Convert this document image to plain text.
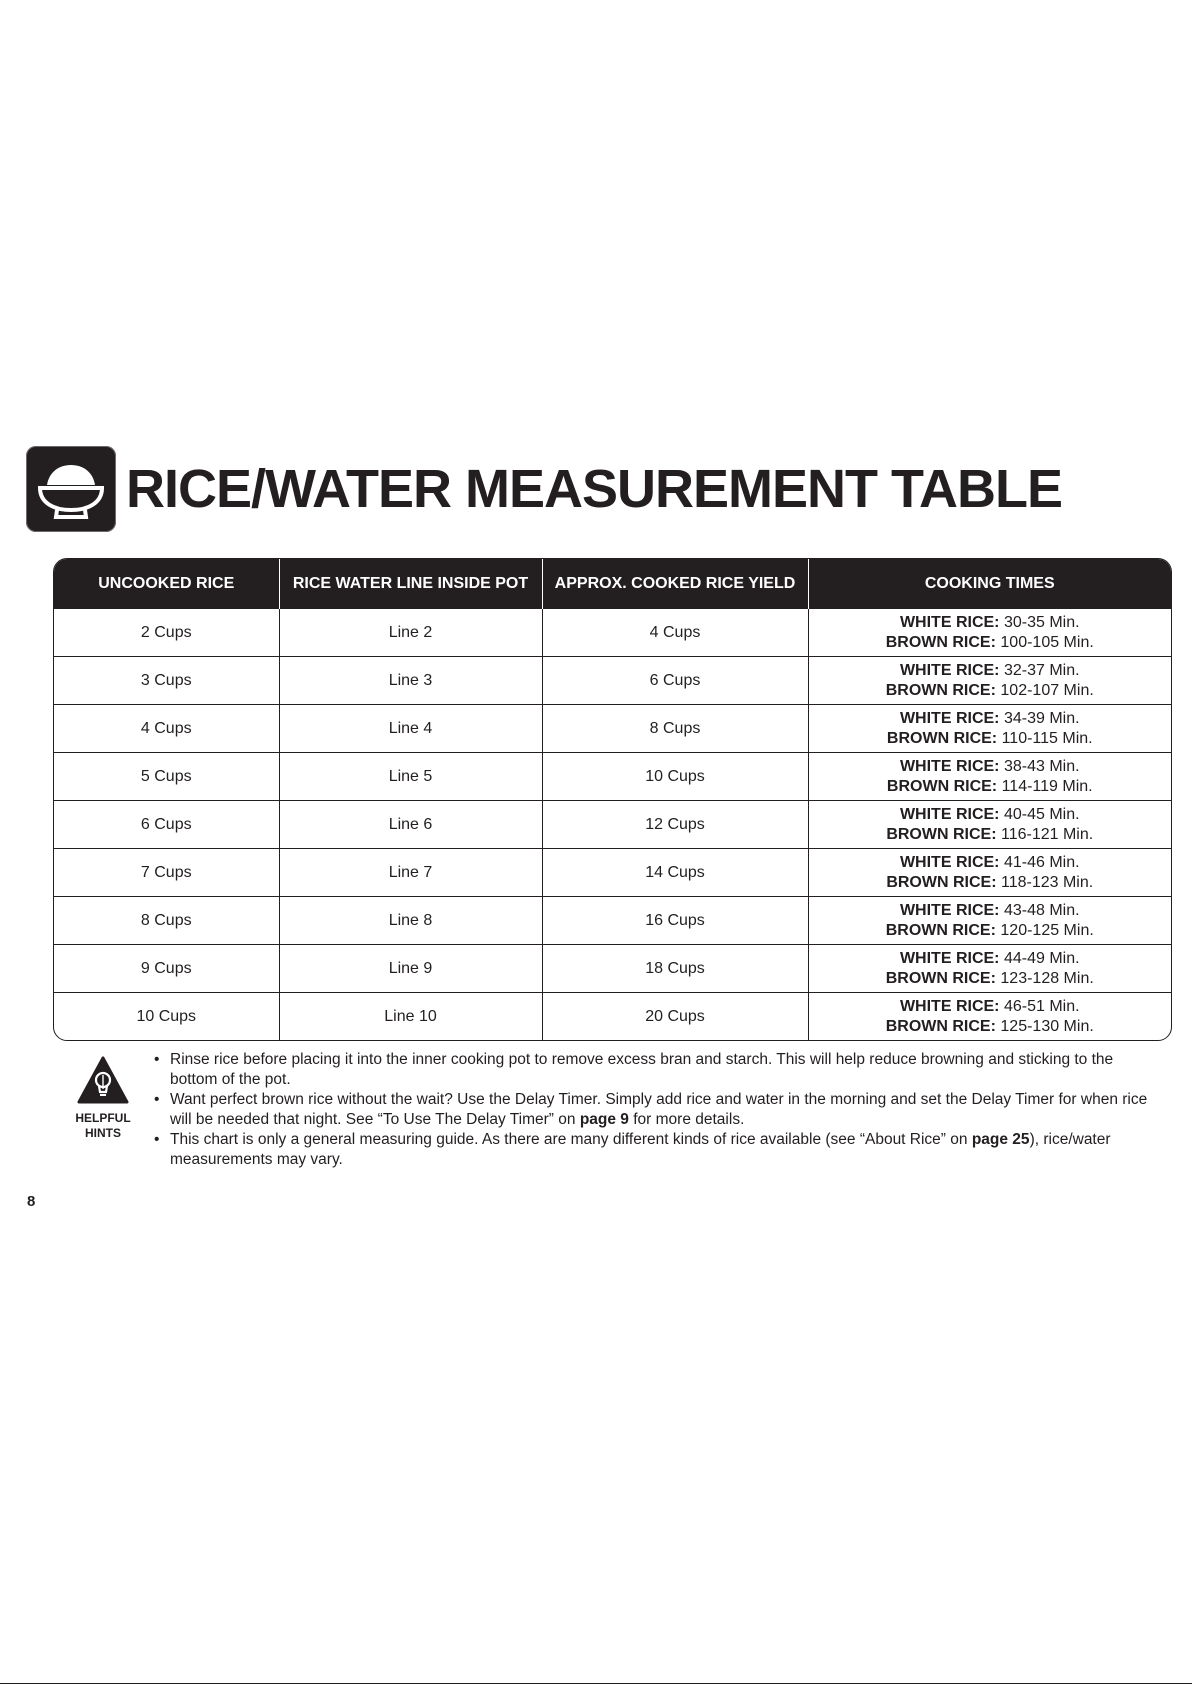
RICE/WATER MEASUREMENT TABLE
UNCOOKED RICE	RICE WATER LINE INSIDE POT	APPROX. COOKED RICE YIELD	COOKING TIMES
2 Cups	Line 2	4 Cups	WHITE RICE: 30-35 Min.
BROWN RICE: 100-105 Min.

3 Cups	Line 3	6 Cups	WHITE RICE: 32-37 Min.
BROWN RICE: 102-107 Min.

4 Cups	Line 4	8 Cups	WHITE RICE: 34-39 Min.
BROWN RICE: 110-115 Min.

5 Cups	Line 5	10 Cups	WHITE RICE: 38-43 Min.
BROWN RICE: 114-119 Min.

6 Cups	Line 6	12 Cups	WHITE RICE: 40-45 Min.
BROWN RICE: 116-121 Min.

7 Cups	Line 7	14 Cups	WHITE RICE: 41-46 Min.
BROWN RICE: 118-123 Min.

8 Cups	Line 8	16 Cups	WHITE RICE: 43-48 Min.
BROWN RICE: 120-125 Min.

9 Cups	Line 9	18 Cups	WHITE RICE: 44-49 Min.
BROWN RICE: 123-128 Min.

10 Cups	Line 10	20 Cups	WHITE RICE: 46-51 Min.
BROWN RICE: 125-130 Min.
HELPFUL
HINTS
• Rinse rice before placing it into the inner cooking pot to remove excess bran and starch. This will help reduce browning and sticking to the bottom of the pot.
• Want perfect brown rice without the wait? Use the Delay Timer. Simply add rice and water in the morning and set the Delay Timer for when rice will be needed that night. See “To Use The Delay Timer” on page 9 for more details.
• This chart is only a general measuring guide. As there are many different kinds of rice available (see “About Rice” on page 25), rice/water measurements may vary.
8
